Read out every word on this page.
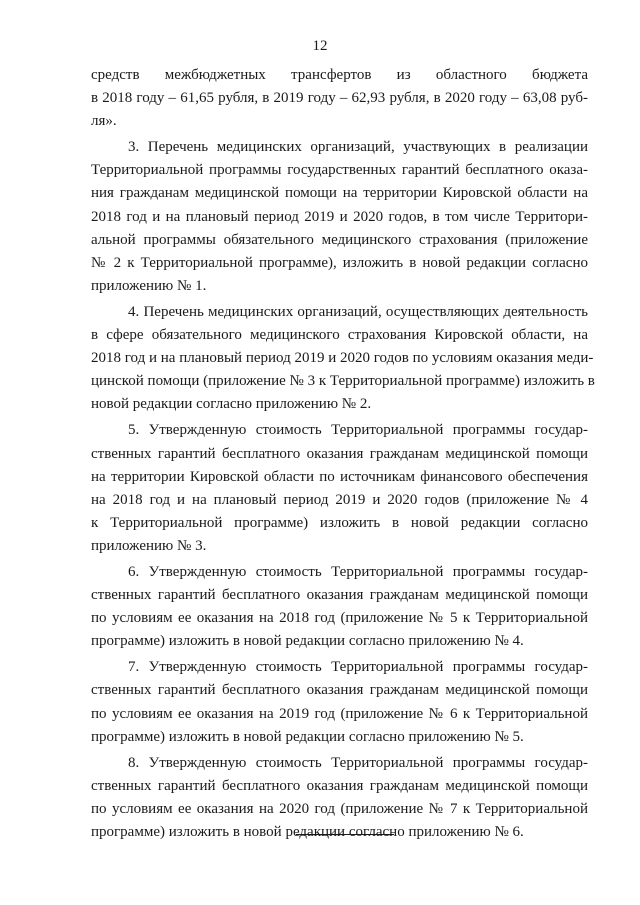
12
средств межбюджетных трансфертов из областного бюджета
в 2018 году – 61,65 рубля, в 2019 году – 62,93 рубля, в 2020 году – 63,08 руб-
ля».
3. Перечень медицинских организаций, участвующих в реализации
Территориальной программы государственных гарантий бесплатного оказа-
ния гражданам медицинской помощи на территории Кировской области на
2018 год и на плановый период 2019 и 2020 годов, в том числе Территори-
альной программы обязательного медицинского страхования (приложение
№ 2 к Территориальной программе), изложить в новой редакции согласно
приложению № 1.
4. Перечень медицинских организаций, осуществляющих деятельность
в сфере обязательного медицинского страхования Кировской области, на
2018 год и на плановый период 2019 и 2020 годов по условиям оказания меди-
цинской помощи (приложение № 3 к Территориальной программе) изложить в
новой редакции согласно приложению № 2.
5. Утвержденную стоимость Территориальной программы государ-
ственных гарантий бесплатного оказания гражданам медицинской помощи
на территории Кировской области по источникам финансового обеспечения
на 2018 год и на плановый период 2019 и 2020 годов (приложение № 4
к Территориальной программе) изложить в новой редакции согласно
приложению № 3.
6. Утвержденную стоимость Территориальной программы государ-
ственных гарантий бесплатного оказания гражданам медицинской помощи
по условиям ее оказания на 2018 год (приложение № 5 к Территориальной
программе) изложить в новой редакции согласно приложению № 4.
7. Утвержденную стоимость Территориальной программы государ-
ственных гарантий бесплатного оказания гражданам медицинской помощи
по условиям ее оказания на 2019 год (приложение № 6 к Территориальной
программе) изложить в новой редакции согласно приложению № 5.
8. Утвержденную стоимость Территориальной программы государ-
ственных гарантий бесплатного оказания гражданам медицинской помощи
по условиям ее оказания на 2020 год (приложение № 7 к Территориальной
программе) изложить в новой редакции согласно приложению № 6.
